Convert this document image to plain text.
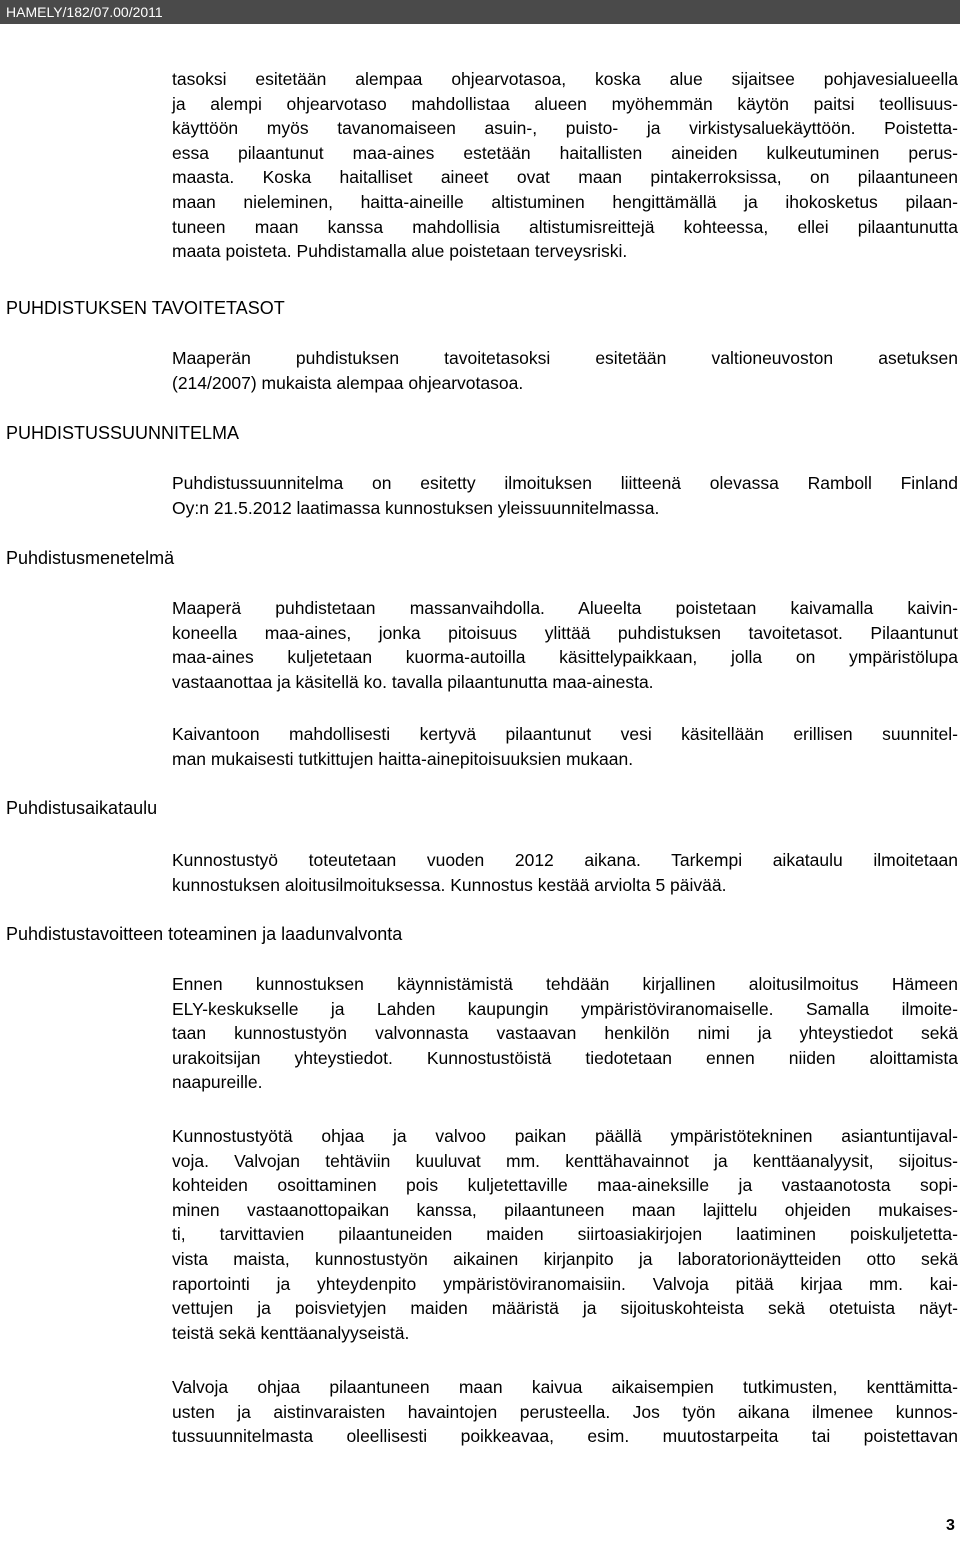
HAMELY/182/07.00/2011
tasoksi esitetään alempaa ohjearvotasoa, koska alue sijaitsee pohjavesialueella
ja alempi ohjearvotaso mahdollistaa alueen myöhemmän käytön paitsi teollisuus-
käyttöön myös tavanomaiseen asuin-, puisto- ja virkistysaluekäyttöön. Poistetta-
essa pilaantunut maa-aines estetään haitallisten aineiden kulkeutuminen perus-
maasta. Koska haitalliset aineet ovat maan pintakerroksissa, on pilaantuneen
maan nieleminen, haitta-aineille altistuminen hengittämällä ja ihokosketus pilaan-
tuneen maan kanssa mahdollisia altistumisreittejä kohteessa, ellei pilaantunutta
maata poisteta. Puhdistamalla alue poistetaan terveysriski.
PUHDISTUKSEN TAVOITETASOT
Maaperän puhdistuksen tavoitetasoksi esitetään valtioneuvoston asetuksen
(214/2007) mukaista alempaa ohjearvotasoa.
PUHDISTUSSUUNNITELMA
Puhdistussuunnitelma on esitetty ilmoituksen liitteenä olevassa Ramboll Finland
Oy:n 21.5.2012 laatimassa kunnostuksen yleissuunnitelmassa.
Puhdistusmenetelmä
Maaperä puhdistetaan massanvaihdolla. Alueelta poistetaan kaivamalla kaivin-
koneella maa-aines, jonka pitoisuus ylittää puhdistuksen tavoitetasot. Pilaantunut
maa-aines kuljetetaan kuorma-autoilla käsittelypaikkaan, jolla on ympäristölupa
vastaanottaa ja käsitellä ko. tavalla pilaantunutta maa-ainesta.
Kaivantoon mahdollisesti kertyvä pilaantunut vesi käsitellään erillisen suunnitel-
man mukaisesti tutkittujen haitta-ainepitoisuuksien mukaan.
Puhdistusaikataulu
Kunnostustyö toteutetaan vuoden 2012 aikana. Tarkempi aikataulu ilmoitetaan
kunnostuksen aloitusilmoituksessa. Kunnostus kestää arviolta 5 päivää.
Puhdistustavoitteen toteaminen ja laadunvalvonta
Ennen kunnostuksen käynnistämistä tehdään kirjallinen aloitusilmoitus Hämeen
ELY-keskukselle ja Lahden kaupungin ympäristöviranomaiselle. Samalla ilmoite-
taan kunnostustyön valvonnasta vastaavan henkilön nimi ja yhteystiedot sekä
urakoitsijan yhteystiedot. Kunnostustöistä tiedotetaan ennen niiden aloittamista
naapureille.
Kunnostustyötä ohjaa ja valvoo paikan päällä ympäristötekninen asiantuntijaval-
voja. Valvojan tehtäviin kuuluvat mm. kenttähavainnot ja kenttäanalyysit, sijoitus-
kohteiden osoittaminen pois kuljetettaville maa-aineksille ja vastaanotosta sopi-
minen vastaanottopaikan kanssa, pilaantuneen maan lajittelu ohjeiden mukaises-
ti, tarvittavien pilaantuneiden maiden siirtoasiakirjojen laatiminen poiskuljetetta-
vista maista, kunnostustyön aikainen kirjanpito ja laboratorionäytteiden otto sekä
raportointi ja yhteydenpito ympäristöviranomaisiin. Valvoja pitää kirjaa mm. kai-
vettujen ja poisvietyjen maiden määristä ja sijoituskohteista sekä otetuista näyt-
teistä sekä kenttäanalyyseistä.
Valvoja ohjaa pilaantuneen maan kaivua aikaisempien tutkimusten, kenttämitta-
usten ja aistinvaraisten havaintojen perusteella. Jos työn aikana ilmenee kunnos-
tussuunnitelmasta oleellisesti poikkeavaa, esim. muutostarpeita tai poistettavan
3
